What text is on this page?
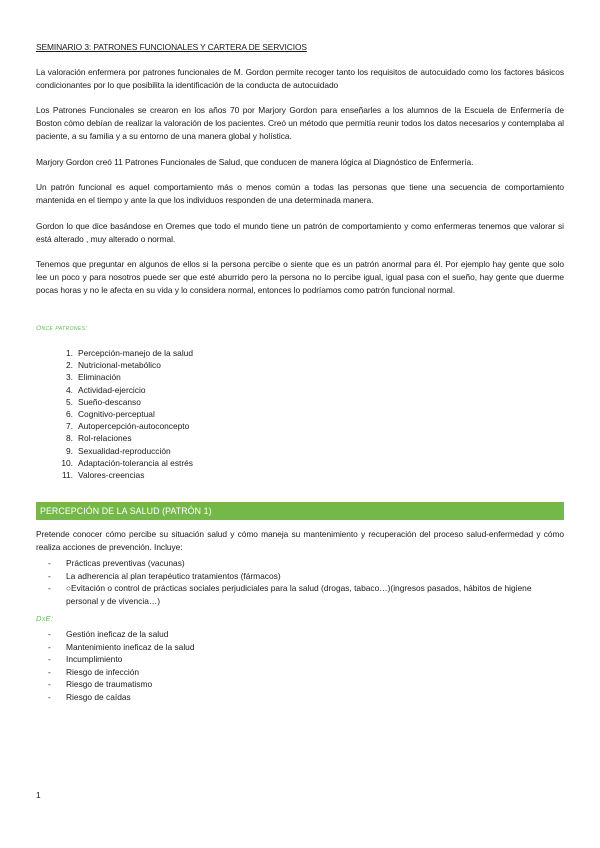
SEMINARIO 3: PATRONES FUNCIONALES Y CARTERA DE SERVICIOS
La valoración enfermera por patrones funcionales de M. Gordon permite recoger tanto los requisitos de autocuidado como los factores básicos condicionantes por lo que posibilita la identificación de la conducta de autocuidado
Los Patrones Funcionales se crearon en los años 70 por Marjory Gordon para enseñarles a los alumnos de la Escuela de Enfermería de Boston cómo debían de realizar la valoración de los pacientes. Creó un método que permitía reunir todos los datos necesarios y contemplaba al paciente, a su familia y a su entorno de una manera global y holística.
Marjory Gordon creó 11 Patrones Funcionales de Salud, que conducen de manera lógica al Diagnóstico de Enfermería.
Un patrón funcional es aquel comportamiento más o menos común a todas las personas que tiene una secuencia de comportamiento mantenida en el tiempo y ante la que los individuos responden de una determinada manera.
Gordon lo que dice basándose en Oremes que todo el mundo tiene un patrón de comportamiento y como enfermeras tenemos que valorar si está alterado , muy alterado o normal.
Tenemos que preguntar en algunos de ellos si la persona percibe o siente que es un patrón anormal para él. Por ejemplo hay gente que solo lee un poco y para nosotros puede ser que esté aburrido pero la persona no lo percibe igual, igual pasa con el sueño, hay gente que duerme pocas horas y no le afecta en su vida y lo considera normal, entonces lo podríamos como patrón funcional normal.
Once patrones:
1. Percepción-manejo de la salud
2. Nutricional-metabólico
3. Eliminación
4. Actividad-ejercicio
5. Sueño-descanso
6. Cognitivo-perceptual
7. Autopercepción-autoconcepto
8. Rol-relaciones
9. Sexualidad-reproducción
10. Adaptación-tolerancia al estrés
11. Valores-creencias
PERCEPCIÓN DE LA SALUD (PATRÓN 1)
Pretende conocer cómo percibe su situación salud y cómo maneja su mantenimiento y recuperación del proceso salud-enfermedad y cómo realiza acciones de prevención. Incluye:
-	Prácticas preventivas (vacunas)
-	La adherencia al plan terapéutico tratamientos (fármacos)
-	○Evitación o control de prácticas sociales perjudiciales para la salud (drogas, tabaco…)(ingresos pasados, hábitos de higiene personal y de vivencia…)
DxE:
-	Gestión ineficaz de la salud
-	Mantenimiento ineficaz de la salud
-	Incumplimiento
-	Riesgo de infección
-	Riesgo de traumatismo
-	Riesgo de caídas
1
